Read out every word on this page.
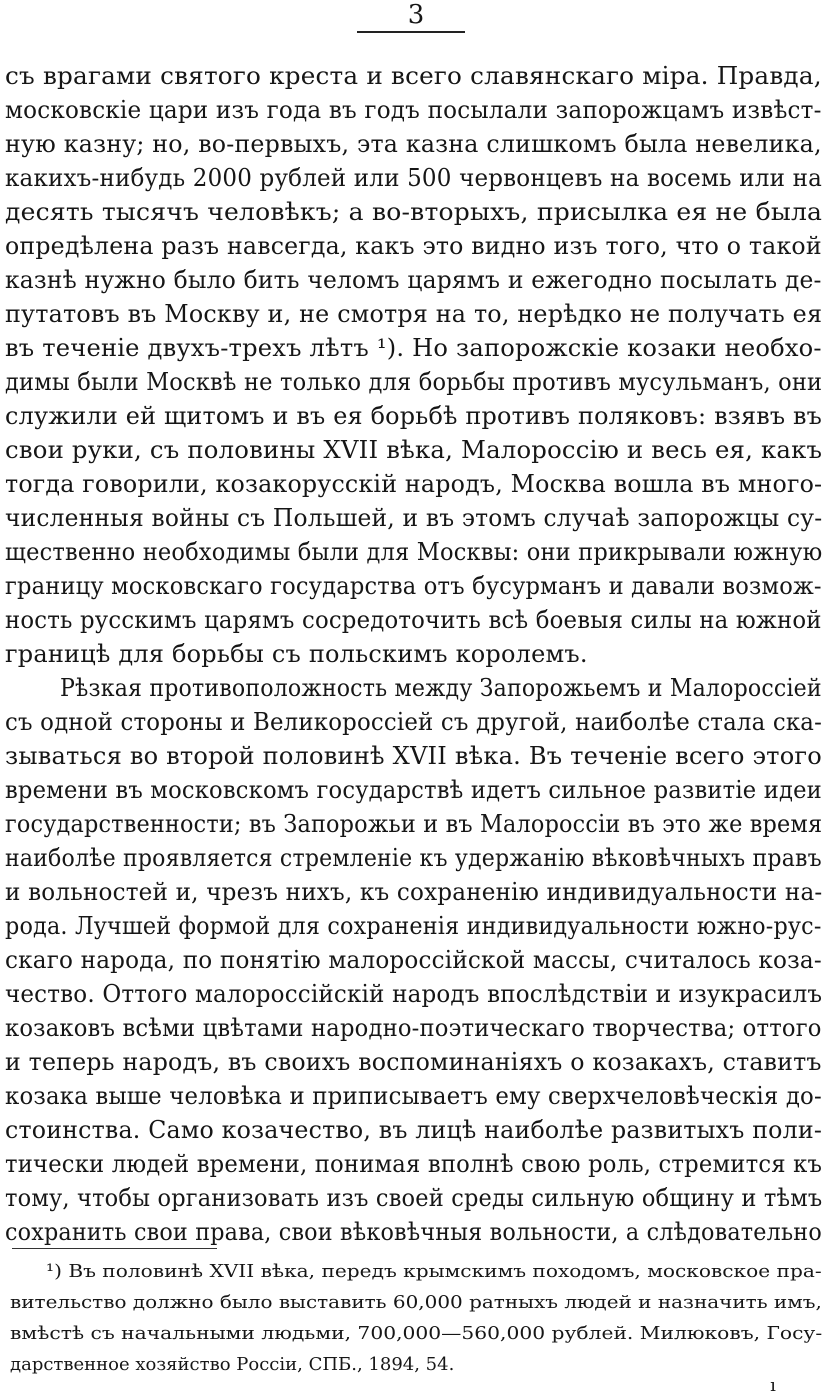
3
съ врагами святого креста и всего славянскаго міра. Правда,
московскіе цари изъ года въ годъ посылали запорожцамъ извѣст-
ную казну; но, во-первыхъ, эта казна слишкомъ была невелика,
какихъ-нибудь 2000 рублей или 500 червонцевъ на восемь или на
десять тысячъ человѣкъ; а во-вторыхъ, присылка ея не была
опредѣлена разъ навсегда, какъ это видно изъ того, что о такой
казнѣ нужно было бить челомъ царямъ и ежегодно посылать де-
путатовъ въ Москву и, не смотря на то, нерѣдко не получать ея
въ теченіе двухъ-трехъ лѣтъ ¹). Но запорожскіе козаки необхо-
димы были Москвѣ не только для борьбы противъ мусульманъ, они
служили ей щитомъ и въ ея борьбѣ противъ поляковъ: взявъ въ
свои руки, съ половины XVII вѣка, Малороссію и весь ея, какъ
тогда говорили, козакорусскій народъ, Москва вошла въ много-
численныя войны съ Польшей, и въ этомъ случаѣ запорожцы су-
щественно необходимы были для Москвы: они прикрывали южную
границу московскаго государства отъ бусурманъ и давали возмож-
ность русскимъ царямъ сосредоточить всѣ боевыя силы на южной
границѣ для борьбы съ польскимъ королемъ.
Рѣзкая противоположность между Запорожьемъ и Малороссіей
съ одной стороны и Великороссіей съ другой, наиболѣе стала ска-
зываться во второй половинѣ XVII вѣка. Въ теченіе всего этого
времени въ московскомъ государствѣ идетъ сильное развитіе идеи
государственности; въ Запорожьи и въ Малороссіи въ это же время
наиболѣе проявляется стремленіе къ удержанію вѣковѣчныхъ правъ
и вольностей и, чрезъ нихъ, къ сохраненію индивидуальности на-
рода. Лучшей формой для сохраненія индивидуальности южно-рус-
скаго народа, по понятію малороссійской массы, считалось коза-
чество. Оттого малороссійскій народъ впослѣдствіи и изукрасилъ
козаковъ всѣми цвѣтами народно-поэтическаго творчества; оттого
и теперь народъ, въ своихъ воспоминаніяхъ о козакахъ, ставитъ
козака выше человѣка и приписываетъ ему сверхчеловѣческія до-
стоинства. Само козачество, въ лицѣ наиболѣе развитыхъ поли-
тически людей времени, понимая вполнѣ свою роль, стремится къ
тому, чтобы организовать изъ своей среды сильную общину и тѣмъ
сохранить свои права, свои вѣковѣчныя вольности, а слѣдовательно
¹) Въ половинѣ XVII вѣка, передъ крымскимъ походомъ, московское пра-
вительство должно было выставить 60,000 ратныхъ людей и назначить имъ,
вмѣстѣ съ начальными людьми, 700,000—560,000 рублей. Милюковъ, Госу-
дарственное хозяйство Россіи, СПБ., 1894, 54.
ı
